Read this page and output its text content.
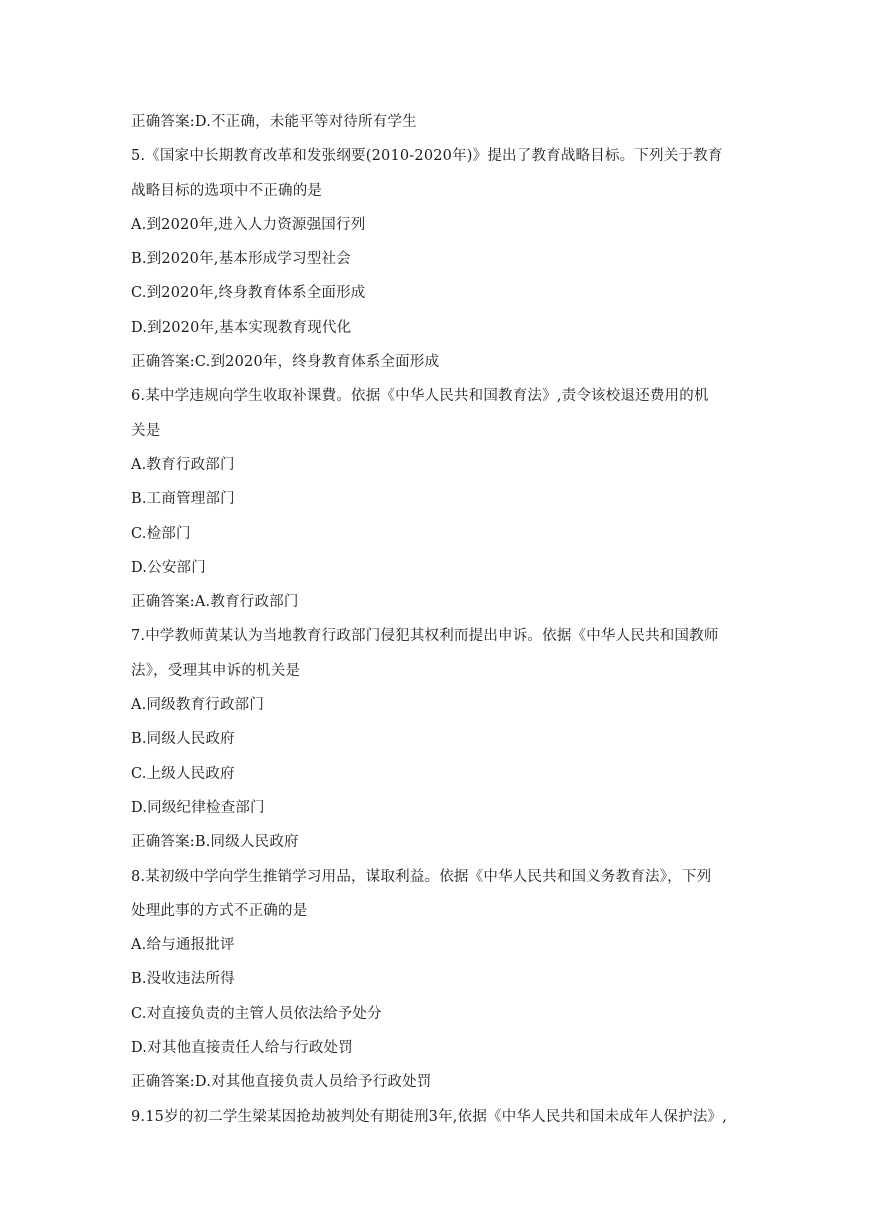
正确答案:D.不正确，未能平等对待所有学生
5.《国家中长期教育改革和发张纲要(2010-2020年)》提出了教育战略目标。下列关于教育
战略目标的选项中不正确的是
A.到2020年,进入人力资源强国行列
B.到2020年,基本形成学习型社会
C.到2020年,终身教育体系全面形成
D.到2020年,基本实现教育现代化
正确答案:C.到2020年，终身教育体系全面形成
6.某中学违规向学生收取补课費。依据《中华人民共和国教育法》,责令该校退还费用的机
关是
A.教育行政部门
B.工商管理部门
C.检部门
D.公安部门
正确答案:A.教育行政部门
7.中学教师黄某认为当地教育行政部门侵犯其权利而提出申诉。依据《中华人民共和国教师
法》，受理其申诉的机关是
A.同级教育行政部门
B.同级人民政府
C.上级人民政府
D.同级纪律检查部门
正确答案:B.同级人民政府
8.某初级中学向学生推销学习用品，谋取利益。依据《中华人民共和国义务教育法》，下列
处理此事的方式不正确的是
A.给与通报批评
B.没收违法所得
C.对直接负责的主管人员依法给予处分
D.对其他直接责任人给与行政处罚
正确答案:D.对其他直接负责人员给予行政处罚
9.15岁的初二学生梁某因抢劫被判处有期徒刑3年,依据《中华人民共和国未成年人保护法》,
